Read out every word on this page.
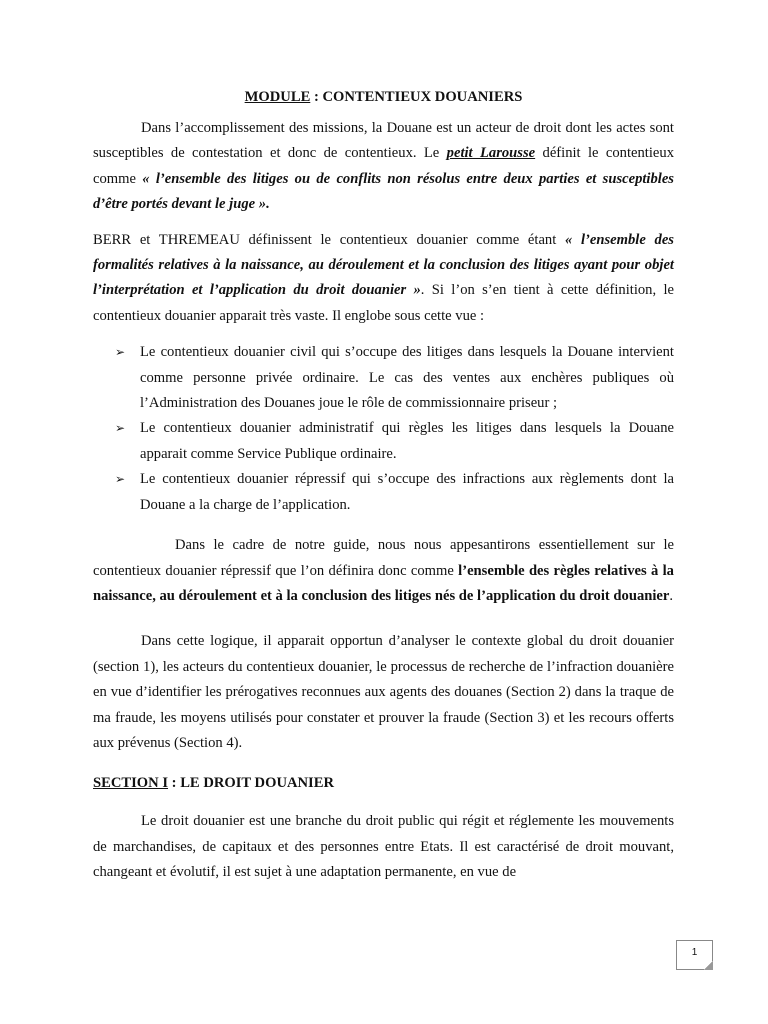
MODULE : CONTENTIEUX DOUANIERS

Dans l’accomplissement des missions, la Douane est un acteur de droit dont les actes sont susceptibles de contestation et donc de contentieux. Le petit Larousse définit le contentieux comme « l’ensemble des litiges ou de conflits non résolus entre deux parties et susceptibles d’être portés devant le juge ».

BERR et THREMEAU définissent le contentieux douanier comme étant « l’ensemble des formalités relatives à la naissance, au déroulement et la conclusion des litiges ayant pour objet l’interprétation et l’application du droit douanier ». Si l’on s’en tient à cette définition, le contentieux douanier apparait très vaste. Il englobe sous cette vue :

➢ Le contentieux douanier civil qui s’occupe des litiges dans lesquels la Douane intervient comme personne privée ordinaire. Le cas des ventes aux enchères publiques où l’Administration des Douanes joue le rôle de commissionnaire priseur ;
➢ Le contentieux douanier administratif qui règles les litiges dans lesquels la Douane apparait comme Service Publique ordinaire.
➢ Le contentieux douanier répressif qui s’occupe des infractions aux règlements dont la Douane a la charge de l’application.

Dans le cadre de notre guide, nous nous appesantirons essentiellement sur le contentieux douanier répressif que l’on définira donc comme l’ensemble des règles relatives à la naissance, au déroulement et à la conclusion des litiges nés de l’application du droit douanier.

Dans cette logique, il apparait opportun d’analyser le contexte global du droit douanier (section 1), les acteurs du contentieux douanier, le processus de recherche de l’infraction douanière en vue d’identifier les prérogatives reconnues aux agents des douanes (Section 2) dans la traque de ma fraude, les moyens utilisés pour constater et prouver la fraude (Section 3) et les recours offerts aux prévenus (Section 4).

SECTION I : LE DROIT DOUANIER

Le droit douanier est une branche du droit public qui régit et réglemente les mouvements de marchandises, de capitaux et des personnes entre Etats. Il est caractérisé de droit mouvant, changeant et évolutif, il est sujet à une adaptation permanente, en vue de

1
